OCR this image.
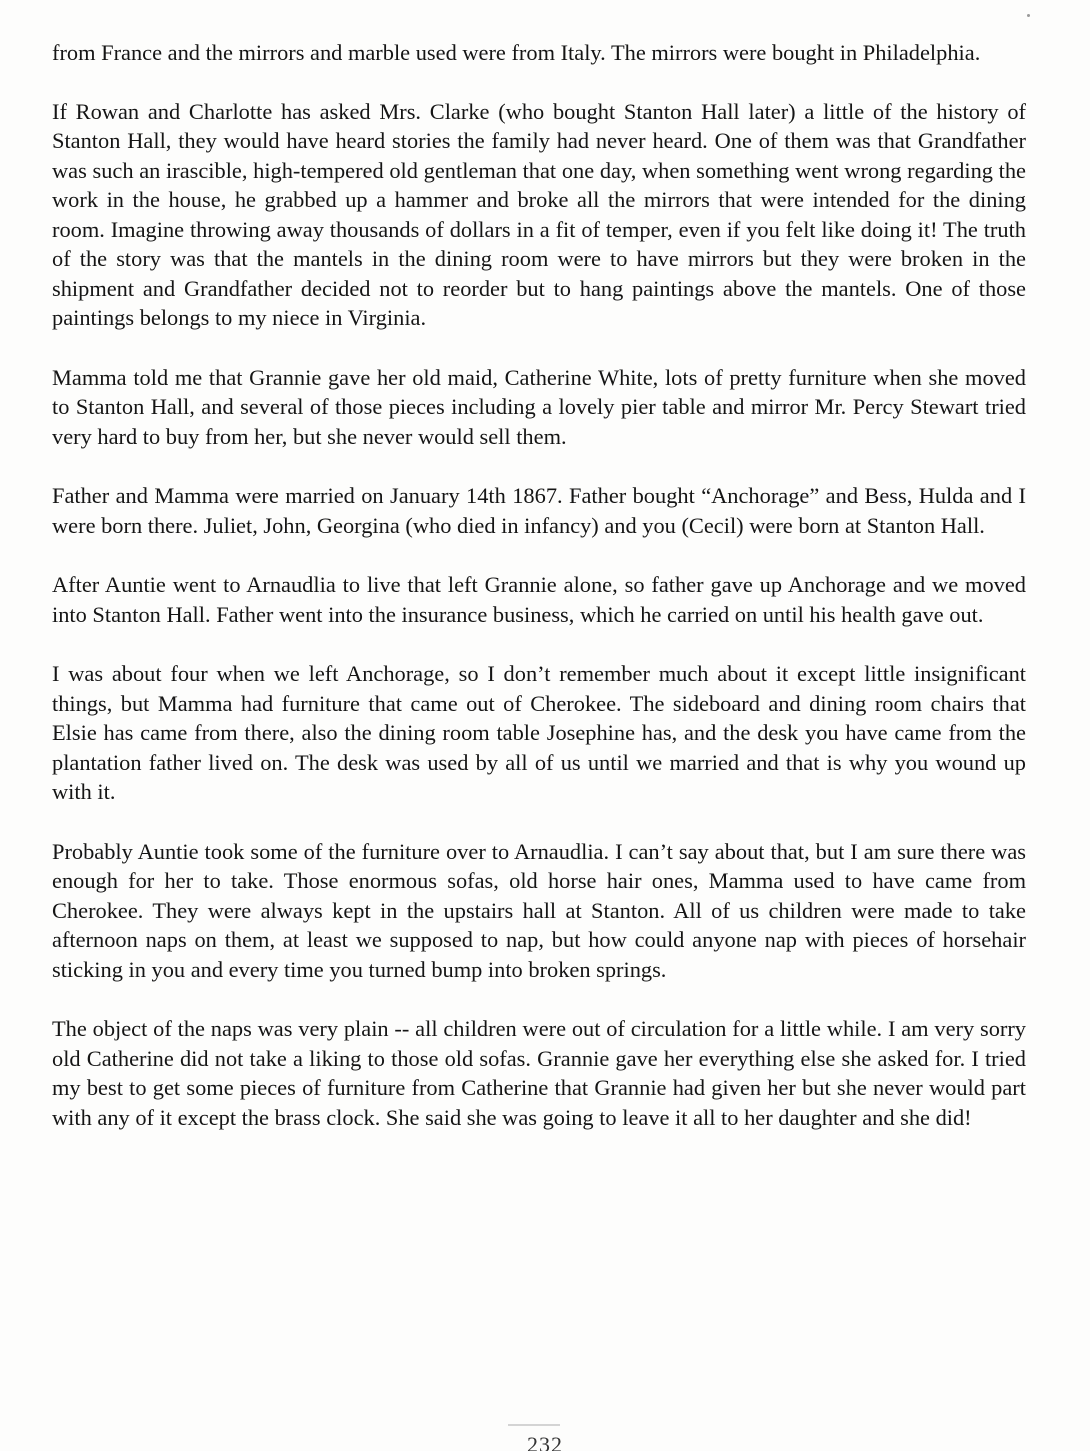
from France and the mirrors and marble used were from Italy. The mirrors were bought in Philadelphia.

If Rowan and Charlotte has asked Mrs. Clarke (who bought Stanton Hall later) a little of the history of Stanton Hall, they would have heard stories the family had never heard. One of them was that Grandfather was such an irascible, high-tempered old gentleman that one day, when something went wrong regarding the work in the house, he grabbed up a hammer and broke all the mirrors that were intended for the dining room. Imagine throwing away thousands of dollars in a fit of temper, even if you felt like doing it! The truth of the story was that the mantels in the dining room were to have mirrors but they were broken in the shipment and Grandfather decided not to reorder but to hang paintings above the mantels. One of those paintings belongs to my niece in Virginia.

Mamma told me that Grannie gave her old maid, Catherine White, lots of pretty furniture when she moved to Stanton Hall, and several of those pieces including a lovely pier table and mirror Mr. Percy Stewart tried very hard to buy from her, but she never would sell them.

Father and Mamma were married on January 14th 1867. Father bought “Anchorage” and Bess, Hulda and I were born there. Juliet, John, Georgina (who died in infancy) and you (Cecil) were born at Stanton Hall.

After Auntie went to Arnaudlia to live that left Grannie alone, so father gave up Anchorage and we moved into Stanton Hall. Father went into the insurance business, which he carried on until his health gave out.

I was about four when we left Anchorage, so I don’t remember much about it except little insignificant things, but Mamma had furniture that came out of Cherokee. The sideboard and dining room chairs that Elsie has came from there, also the dining room table Josephine has, and the desk you have came from the plantation father lived on. The desk was used by all of us until we married and that is why you wound up with it.

Probably Auntie took some of the furniture over to Arnaudlia. I can’t say about that, but I am sure there was enough for her to take. Those enormous sofas, old horse hair ones, Mamma used to have came from Cherokee. They were always kept in the upstairs hall at Stanton. All of us children were made to take afternoon naps on them, at least we supposed to nap, but how could anyone nap with pieces of horsehair sticking in you and every time you turned bump into broken springs.

The object of the naps was very plain -- all children were out of circulation for a little while. I am very sorry old Catherine did not take a liking to those old sofas. Grannie gave her everything else she asked for. I tried my best to get some pieces of furniture from Catherine that Grannie had given her but she never would part with any of it except the brass clock. She said she was going to leave it all to her daughter and she did!

232
